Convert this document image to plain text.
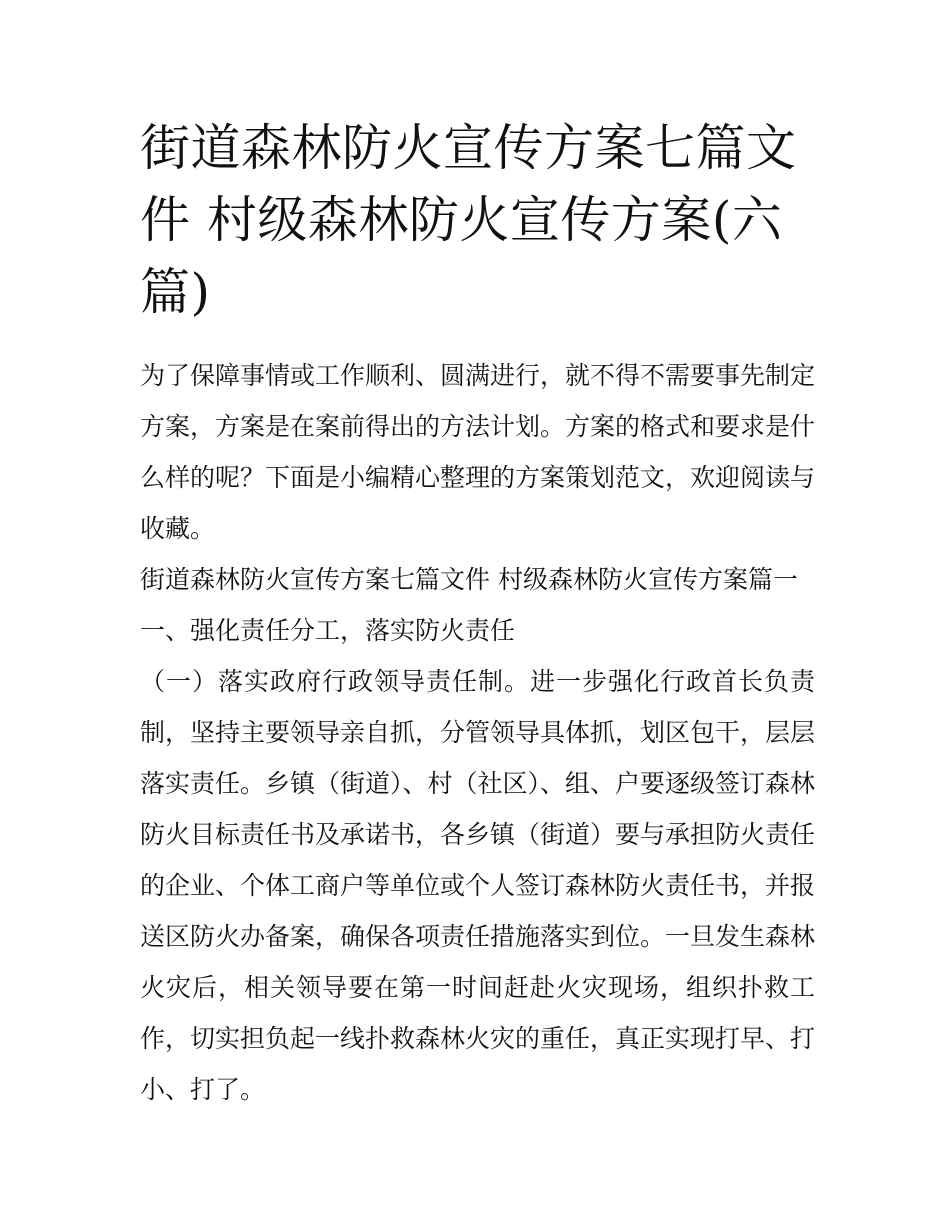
街道森林防火宣传方案七篇文件 村级森林防火宣传方案(六篇)

为了保障事情或工作顺利、圆满进行，就不得不需要事先制定方案，方案是在案前得出的方法计划。方案的格式和要求是什么样的呢？下面是小编精心整理的方案策划范文，欢迎阅读与收藏。

街道森林防火宣传方案七篇文件 村级森林防火宣传方案篇一

一、强化责任分工，落实防火责任

（一）落实政府行政领导责任制。进一步强化行政首长负责制，坚持主要领导亲自抓，分管领导具体抓，划区包干，层层落实责任。乡镇（街道）、村（社区）、组、户要逐级签订森林防火目标责任书及承诺书，各乡镇（街道）要与承担防火责任的企业、个体工商户等单位或个人签订森林防火责任书，并报送区防火办备案，确保各项责任措施落实到位。一旦发生森林火灾后，相关领导要在第一时间赶赴火灾现场，组织扑救工作，切实担负起一线扑救森林火灾的重任，真正实现打早、打小、打了。
